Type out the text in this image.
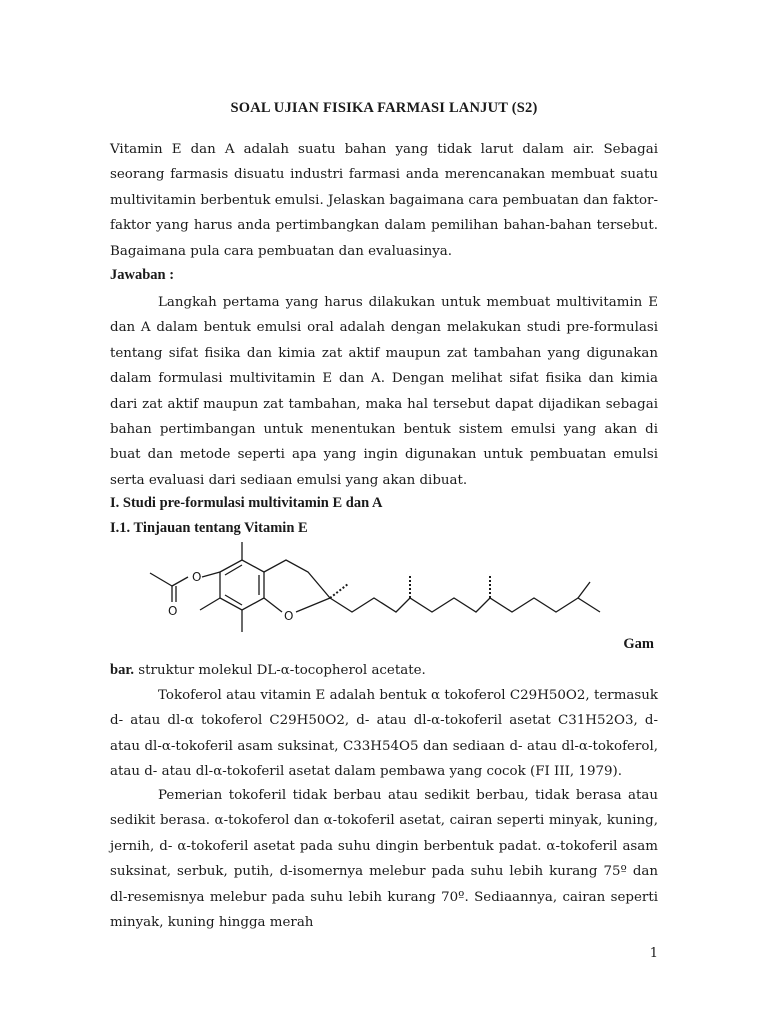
SOAL UJIAN FISIKA FARMASI LANJUT (S2)
Vitamin E dan A adalah suatu bahan yang tidak larut dalam air. Sebagai seorang farmasis disuatu industri farmasi anda merencanakan membuat suatu multivitamin berbentuk emulsi. Jelaskan bagaimana cara pembuatan dan faktor-faktor yang harus anda pertimbangkan dalam pemilihan bahan-bahan tersebut. Bagaimana pula cara pembuatan dan evaluasinya.
Jawaban :
Langkah pertama yang harus dilakukan untuk membuat multivitamin E dan A dalam bentuk emulsi oral adalah dengan melakukan studi pre-formulasi tentang sifat fisika dan kimia zat aktif maupun zat tambahan yang digunakan dalam formulasi multivitamin E dan A. Dengan melihat sifat fisika dan kimia dari zat aktif maupun zat tambahan, maka hal tersebut dapat dijadikan sebagai bahan pertimbangan untuk menentukan bentuk sistem emulsi yang akan di buat dan metode seperti apa yang ingin digunakan untuk pembuatan emulsi serta evaluasi dari sediaan emulsi yang akan dibuat.
I. Studi pre-formulasi multivitamin E dan A
I.1. Tinjauan tentang Vitamin E
O
O	O
Gam
bar. struktur molekul DL-α-tocopherol acetate.
Tokoferol atau vitamin E adalah bentuk α tokoferol C29H50O2, termasuk d- atau dl-α tokoferol C29H50O2, d- atau dl-α-tokoferil asetat C31H52O3, d- atau dl-α-tokoferil asam suksinat, C33H54O5 dan sediaan d- atau dl-α-tokoferol, atau d- atau dl-α-tokoferil asetat dalam pembawa yang cocok (FI III, 1979).
Pemerian tokoferil tidak berbau atau sedikit berbau, tidak berasa atau sedikit berasa. α-tokoferol dan α-tokoferil asetat, cairan seperti minyak, kuning, jernih, d- α-tokoferil asetat pada suhu dingin berbentuk padat. α-tokoferil asam suksinat, serbuk, putih, d-isomernya melebur pada suhu lebih kurang 75º dan dl-resemisnya melebur pada suhu lebih kurang 70º. Sediaannya, cairan seperti minyak, kuning hingga merah
1
